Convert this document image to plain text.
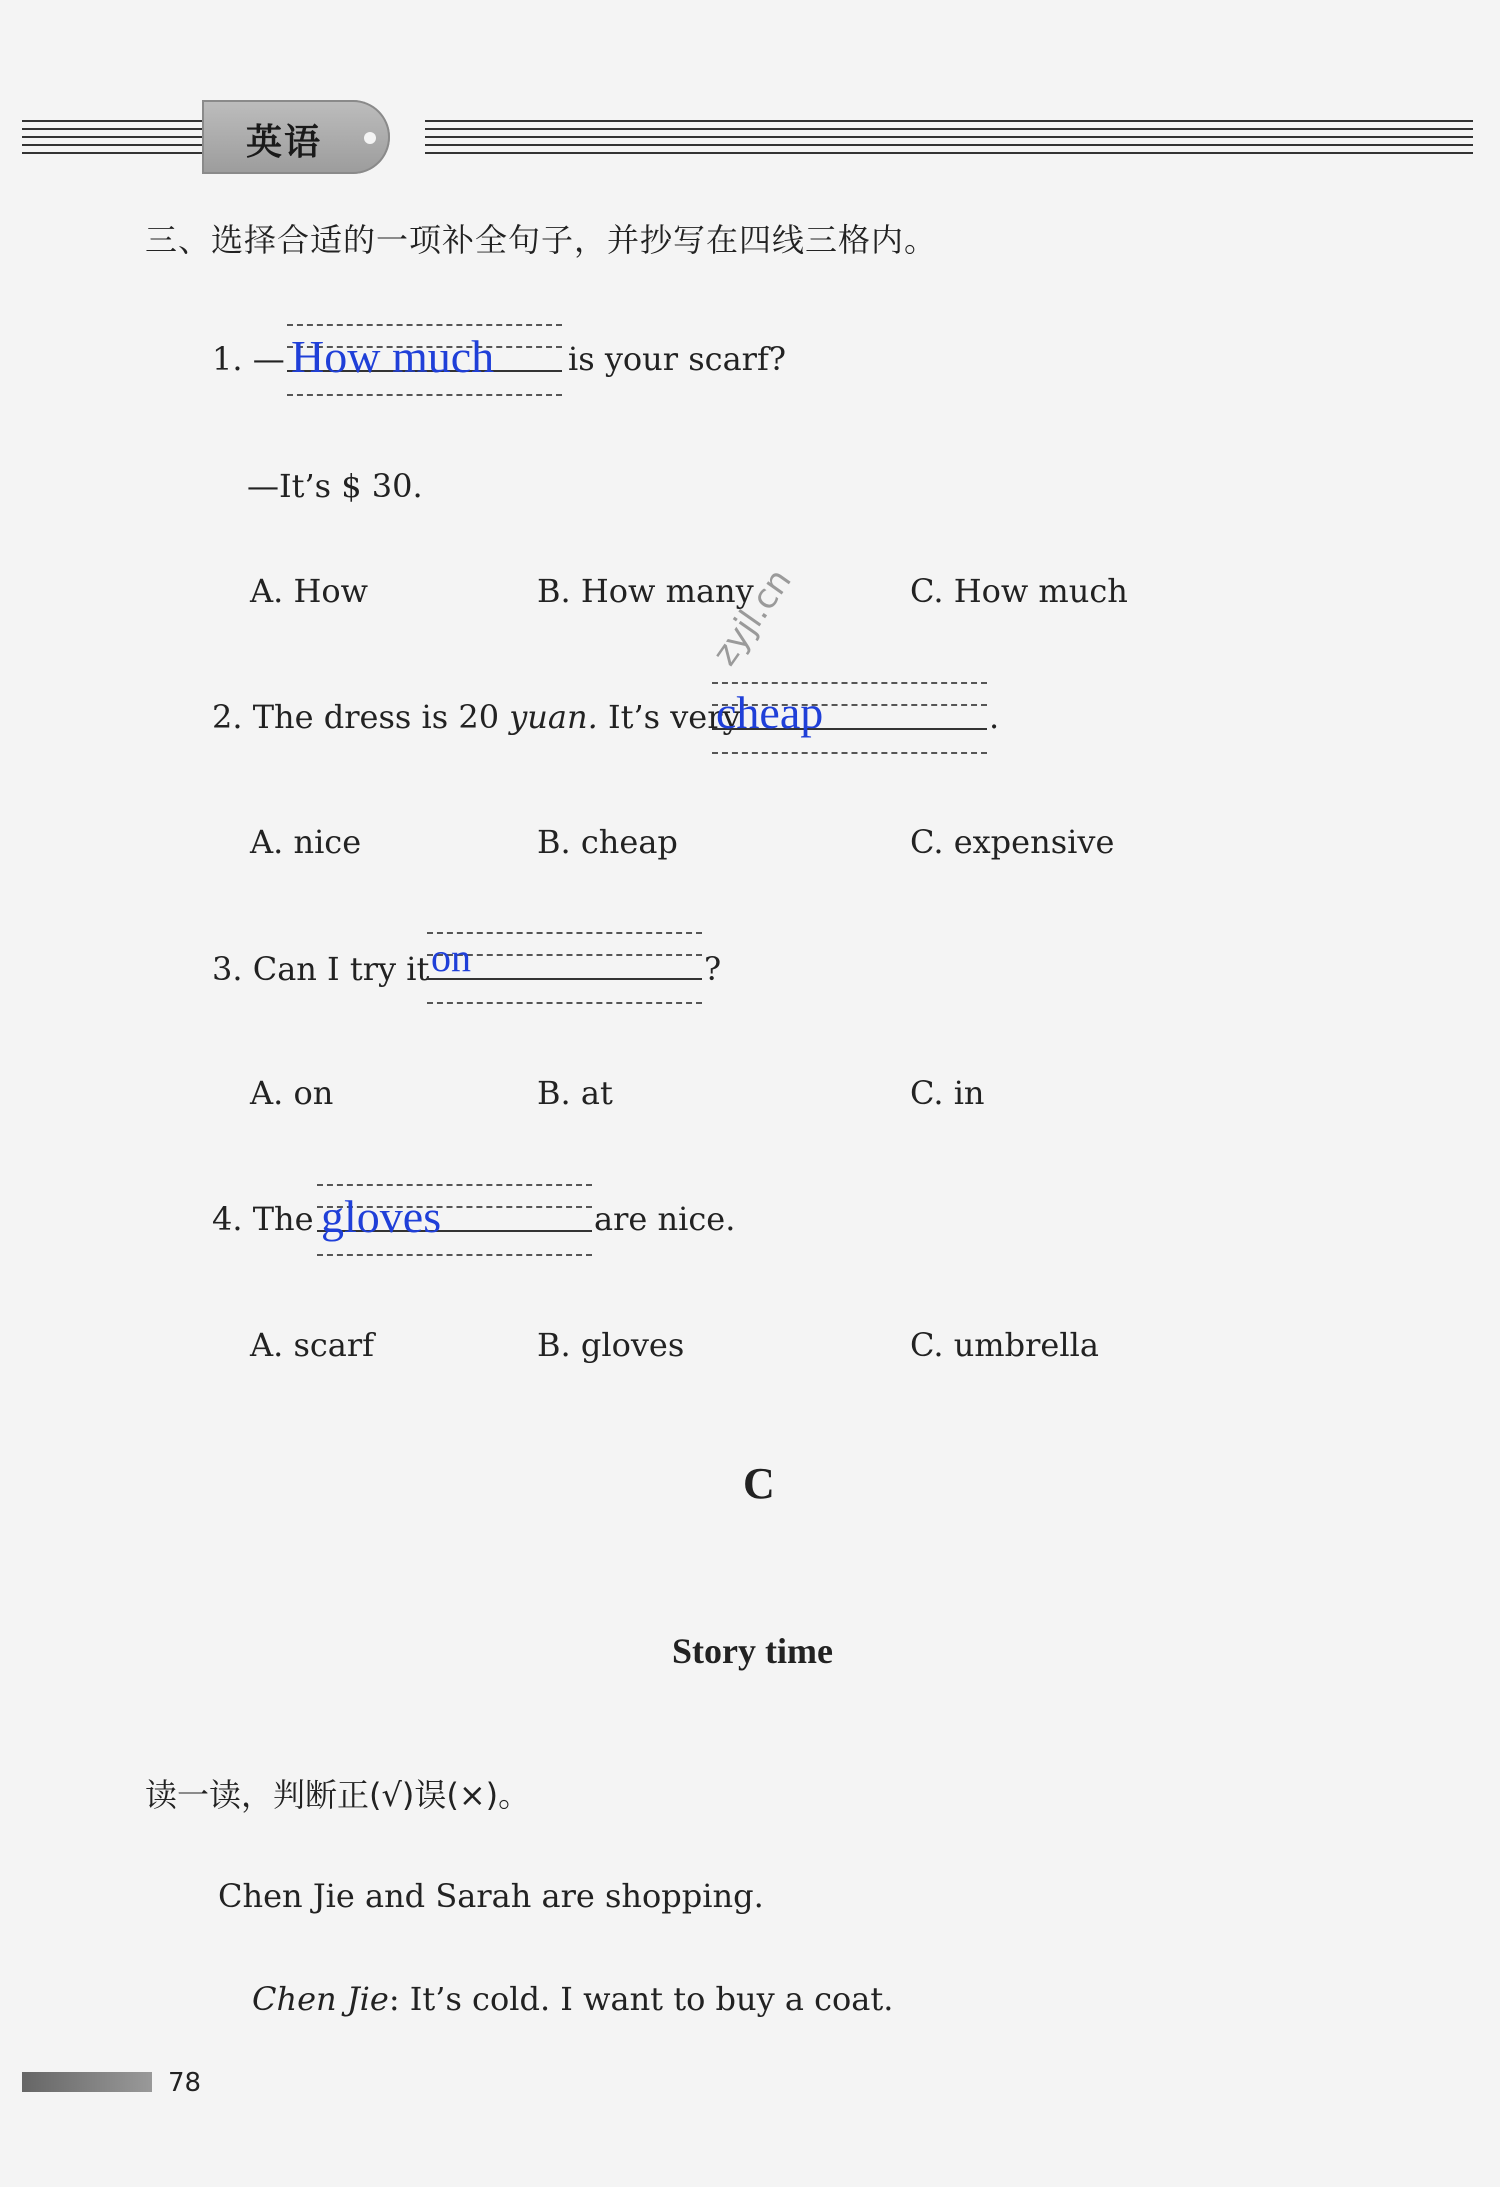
英语
三、选择合适的一项补全句子，并抄写在四线三格内。
1. — How much is your scarf?
—It’s $ 30.
A. How	B. How many	C. How much
zyjl.cn
2. The dress is 20 yuan. It’s very
cheap	.
A. nice	B. cheap	C. expensive
3. Can I try it on	?
A. on	B. at	C. in
4. The gloves	are nice.
A. scarf	B. gloves	C. umbrella
C
Story time
读一读，判断正(√)误(×)。
Chen Jie and Sarah are shopping.
Chen Jie: It’s cold. I want to buy a coat.
78
